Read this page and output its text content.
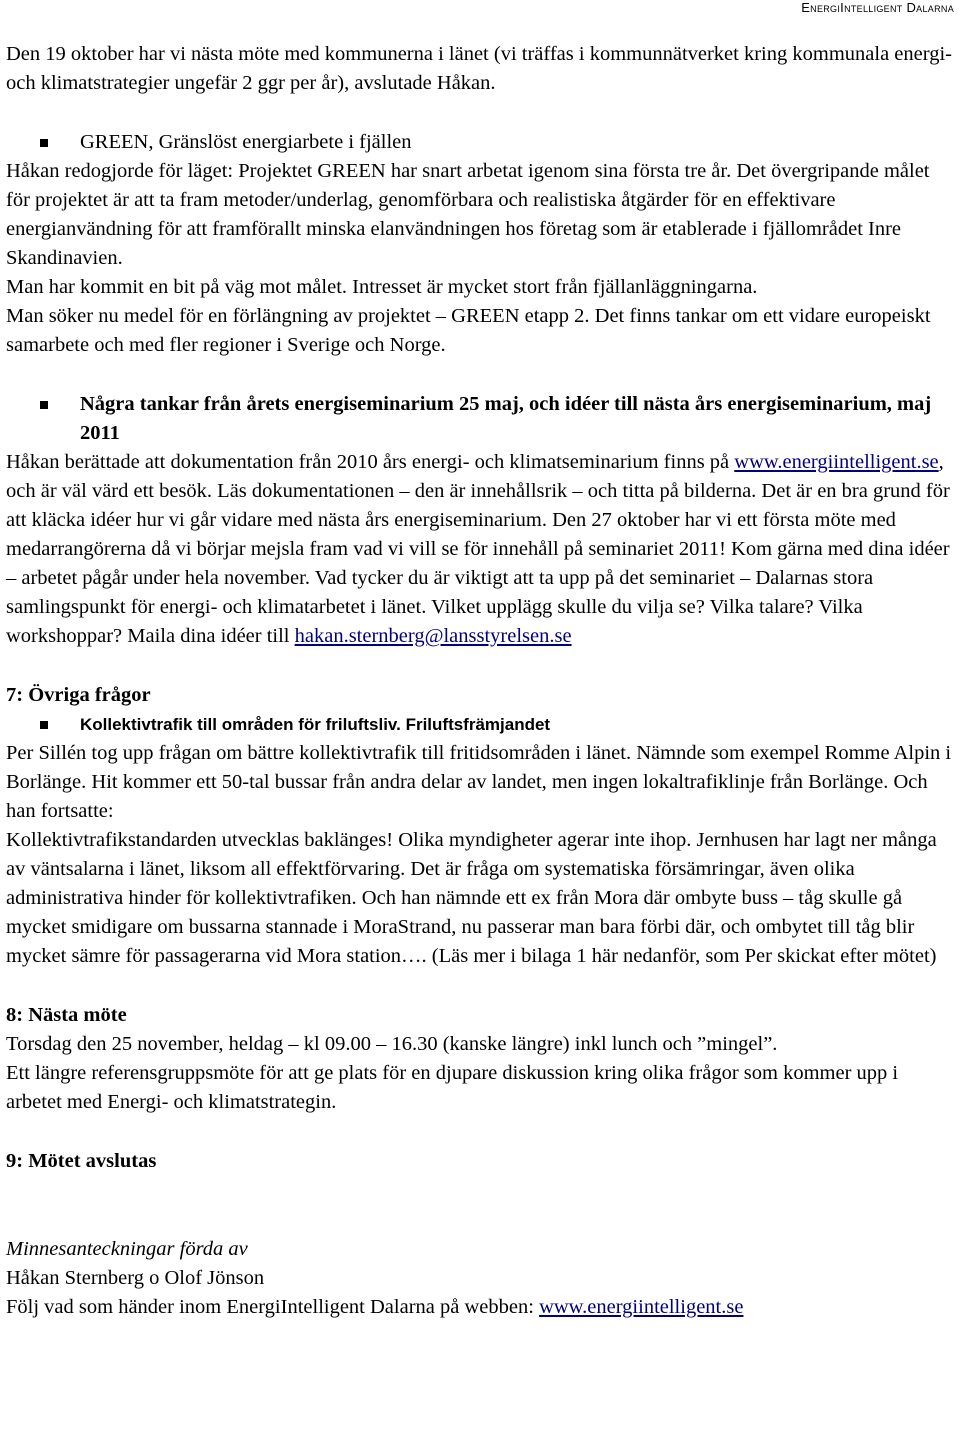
EnergiIntelligent Dalarna

Den 19 oktober har vi nästa möte med kommunerna i länet (vi träffas i kommunnätverket kring kommunala energi- och klimatstrategier ungefär 2 ggr per år), avslutade Håkan.

GREEN, Gränslöst energiarbete i fjällen

Håkan redogjorde för läget: Projektet GREEN har snart arbetat igenom sina första tre år. Det övergripande målet för projektet är att ta fram metoder/underlag, genomförbara och realistiska åtgärder för en effektivare energianvändning för att framförallt minska elanvändningen hos företag som är etablerade i fjällområdet Inre Skandinavien.

Man har kommit en bit på väg mot målet. Intresset är mycket stort från fjällanläggningarna.

Man söker nu medel för en förlängning av projektet – GREEN etapp 2. Det finns tankar om ett vidare europeiskt samarbete och med fler regioner i Sverige och Norge.

Några tankar från årets energiseminarium 25 maj, och idéer till nästa års energiseminarium, maj 2011

Håkan berättade att dokumentation från 2010 års energi- och klimatseminarium finns på www.energiintelligent.se, och är väl värd ett besök. Läs dokumentationen – den är innehållsrik – och titta på bilderna. Det är en bra grund för att kläcka idéer hur vi går vidare med nästa års energiseminarium. Den 27 oktober har vi ett första möte med medarrangörerna då vi börjar mejsla fram vad vi vill se för innehåll på seminariet 2011! Kom gärna med dina idéer – arbetet pågår under hela november. Vad tycker du är viktigt att ta upp på det seminariet – Dalarnas stora samlingspunkt för energi- och klimatarbetet i länet. Vilket upplägg skulle du vilja se? Vilka talare? Vilka workshoppar? Maila dina idéer till hakan.sternberg@lansstyrelsen.se

7: Övriga frågor

Kollektivtrafik till områden för friluftsliv. Friluftsfrämjandet

Per Sillén tog upp frågan om bättre kollektivtrafik till fritidsområden i länet. Nämnde som exempel Romme Alpin i Borlänge. Hit kommer ett 50-tal bussar från andra delar av landet, men ingen lokaltrafiklinje från Borlänge. Och han fortsatte:

Kollektivtrafikstandarden utvecklas baklänges! Olika myndigheter agerar inte ihop. Jernhusen har lagt ner många av väntsalarna i länet, liksom all effektförvaring. Det är fråga om systematiska försämringar, även olika administrativa hinder för kollektivtrafiken. Och han nämnde ett ex från Mora där ombyte buss – tåg skulle gå mycket smidigare om bussarna stannade i MoraStrand, nu passerar man bara förbi där, och ombytet till tåg blir mycket sämre för passagerarna vid Mora station…. (Läs mer i bilaga 1 här nedanför, som Per skickat efter mötet)

8: Nästa möte

Torsdag den 25 november, heldag – kl 09.00 – 16.30 (kanske längre) inkl lunch och ”mingel”.

Ett längre referensgruppsmöte för att ge plats för en djupare diskussion kring olika frågor som kommer upp i arbetet med Energi- och klimatstrategin.

9: Mötet avslutas

Minnesanteckningar förda av

Håkan Sternberg o Olof Jönson

Följ vad som händer inom EnergiIntelligent Dalarna på webben: www.energiintelligent.se
